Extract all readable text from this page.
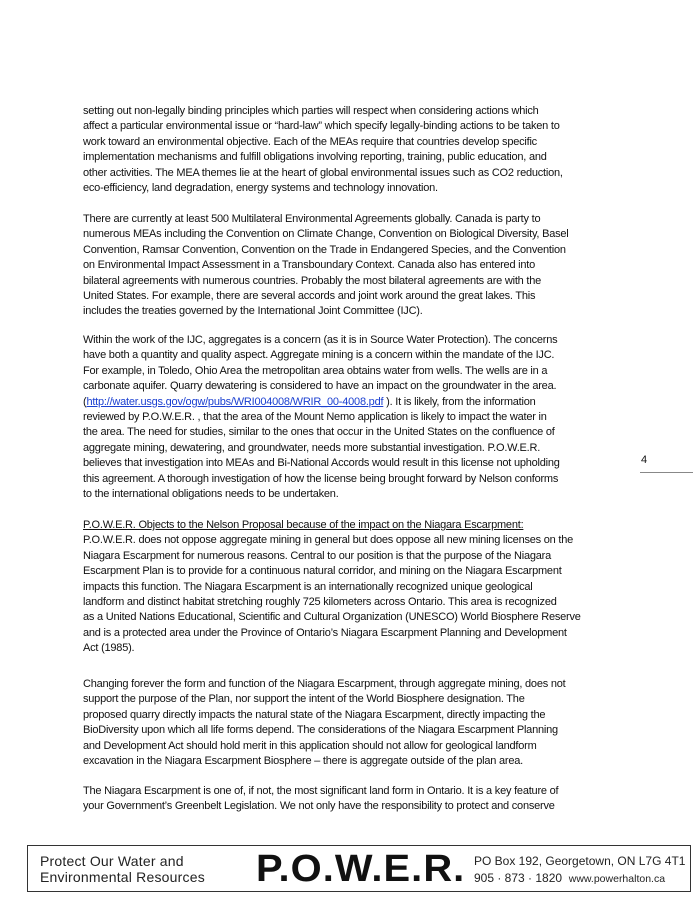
setting out non-legally binding principles which parties will respect when considering actions which
affect a particular environmental issue or “hard-law” which specify legally-binding actions to be taken to
work toward an environmental objective. Each of the MEAs require that countries develop specific
implementation mechanisms and fulfill obligations involving reporting, training, public education, and
other activities. The MEA themes lie at the heart of global environmental issues such as CO2 reduction,
eco-efficiency, land degradation, energy systems and technology innovation.
There are currently at least 500 Multilateral Environmental Agreements globally. Canada is party to
numerous MEAs including the Convention on Climate Change, Convention on Biological Diversity, Basel
Convention, Ramsar Convention, Convention on the Trade in Endangered Species, and the Convention
on Environmental Impact Assessment in a Transboundary Context. Canada also has entered into
bilateral agreements with numerous countries. Probably the most bilateral agreements are with the
United States. For example, there are several accords and joint work around the great lakes. This
includes the treaties governed by the International Joint Committee (IJC).
Within the work of the IJC, aggregates is a concern (as it is in Source Water Protection). The concerns
have both a quantity and quality aspect. Aggregate mining is a concern within the mandate of the IJC.
For example, in Toledo, Ohio Area the metropolitan area obtains water from wells. The wells are in a
carbonate aquifer. Quarry dewatering is considered to have an impact on the groundwater in the area.
(http://water.usgs.gov/ogw/pubs/WRI004008/WRIR_00-4008.pdf ). It is likely, from the information
reviewed by P.O.W.E.R. , that the area of the Mount Nemo application is likely to impact the water in
the area. The need for studies, similar to the ones that occur in the United States on the confluence of
aggregate mining, dewatering, and groundwater, needs more substantial investigation. P.O.W.E.R.
believes that investigation into MEAs and Bi-National Accords would result in this license not upholding
this agreement. A thorough investigation of how the license being brought forward by Nelson conforms
to the international obligations needs to be undertaken.
4
P.O.W.E.R. Objects to the Nelson Proposal because of the impact on the Niagara Escarpment:
P.O.W.E.R. does not oppose aggregate mining in general but does oppose all new mining licenses on the
Niagara Escarpment for numerous reasons. Central to our position is that the purpose of the Niagara
Escarpment Plan is to provide for a continuous natural corridor, and mining on the Niagara Escarpment
impacts this function. The Niagara Escarpment is an internationally recognized unique geological
landform and distinct habitat stretching roughly 725 kilometers across Ontario. This area is recognized
as a United Nations Educational, Scientific and Cultural Organization (UNESCO) World Biosphere Reserve
and is a protected area under the Province of Ontario’s Niagara Escarpment Planning and Development
Act (1985).
Changing forever the form and function of the Niagara Escarpment, through aggregate mining, does not
support the purpose of the Plan, nor support the intent of the World Biosphere designation. The
proposed quarry directly impacts the natural state of the Niagara Escarpment, directly impacting the
BioDiversity upon which all life forms depend. The considerations of the Niagara Escarpment Planning
and Development Act should hold merit in this application should not allow for geological landform
excavation in the Niagara Escarpment Biosphere – there is aggregate outside of the plan area.
The Niagara Escarpment is one of, if not, the most significant land form in Ontario. It is a key feature of
your Government’s Greenbelt Legislation. We not only have the responsibility to protect and conserve
Protect Our Water and
Environmental Resources P.O.W.E.R. PO Box 192, Georgetown, ON L7G 4T1
905 · 873 · 1820 www.powerhalton.ca
